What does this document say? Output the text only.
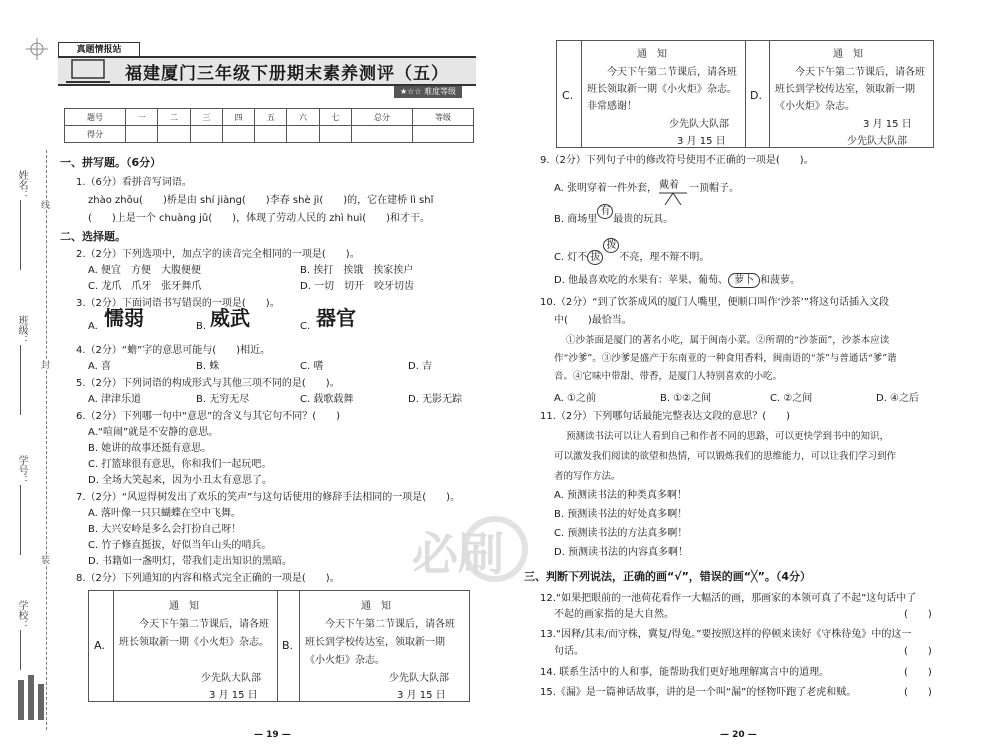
姓名：
班级：
学号：
学校：
线
封
装
真题情报站
福建厦门三年级下册期末素养测评（五）
★☆☆ 难度等级
题号	一	二	三	四	五	六	七	总分	等级
得分									
一、拼写题。（6分）
1.（6分）看拼音写词语。
zhào zhōu(　　)桥是由 shí jiàng(　　)李春 shè jì(　　)的，它在建桥 lì shǐ
(　　)上是一个 chuàng jǔ(　　)，体现了劳动人民的 zhì huì(　　)和才干。
二、选择题。
2.（2分）下列选项中，加点字的读音完全相同的一项是(　　)。
A. 便宜　方便　大腹便便	B. 挨打　挨饿　挨家挨户
C. 龙爪　爪牙　张牙舞爪	D. 一切　切开　咬牙切齿
3.（2分）下面词语书写错误的一项是(　　)。
A. 懦弱	B. 威武	C. 器官
4.（2分）“蟾”字的意思可能与(　　)相近。
A. 喜	B. 蛛	C. 嗜	D. 吉
5.（2分）下列词语的构成形式与其他三项不同的是(　　)。
A. 津津乐道	B. 无穷无尽	C. 载歌载舞	D. 无影无踪
6.（2分）下列哪一句中“意思”的含义与其它句不同？(　　)
A.“喧闹”就是不安静的意思。
B. 她讲的故事还挺有意思。
C. 打篮球很有意思，你和我们一起玩吧。
D. 全场大笑起来，因为小丑太有意思了。
7.（2分）“风逗得树发出了欢乐的笑声”与这句话使用的修辞手法相同的一项是(　　)。
A. 落叶像一只只蝴蝶在空中飞舞。
B. 大兴安岭是多么会打扮自己呀！
C. 竹子修直挺拔，好似当年山头的哨兵。
D. 书籍如一盏明灯，带我们走出知识的黑暗。
8.（2分）下列通知的内容和格式完全正确的一项是(　　)。
A.
通　知
今天下午第二节课后，请各班
班长领取新一期《小火炬》杂志。
少先队大队部
3 月 15 日
B.
通　知
今天下午第二节课后，请各班
班长到学校传达室，领取新一期
《小火炬》杂志。
少先队大队部
3 月 15 日
— 19 —
C.
通　知
今天下午第二节课后，请各班
班长领取新一期《小火炬》杂志。
非常感谢！
少先队大队部
3 月 15 日
D.
通　知
今天下午第二节课后，请各班
班长到学校传达室，领取新一期
《小火炬》杂志。
3 月 15 日
少先队大队部
9.（2分）下列句子中的修改符号使用不正确的一项是(　　)。
A. 张明穿着一件外套， 戴着 一顶帽子。
B. 商场里有最贵的玩具。
C. 灯不 拔拨不亮，理不辩不明。
D. 他最喜欢吃的水果有：苹果、葡萄、 萝卜 和菠萝。
10.（2分）“到了饮茶成风的厦门人嘴里，便顺口叫作‘沙茶’”将这句话插入文段
中(　　)最恰当。
①沙茶面是厦门的著名小吃，属于闽南小菜。②所谓的“沙茶面”，沙茶本应读
作“沙爹”。③沙爹是盛产于东南亚的一种食用香料，闽南语的“茶”与普通话“爹”谐
音。④它味中带甜、带香，是厦门人特别喜欢的小吃。
A. ①之前	B. ①②之间	C. ②之间	D. ④之后
11.（2分）下列哪句话最能完整表达文段的意思？(　　)
预测读书法可以让人看到自己和作者不同的思路，可以更快学到书中的知识，
可以激发我们阅读的欲望和热情，可以锻炼我们的思维能力，可以让我们学习到作
者的写作方法。
A. 预测读书法的种类真多啊！
B. 预测读书法的好处真多啊！
C. 预测读书法的方法真多啊！
D. 预测读书法的内容真多啊！
三、判断下列说法，正确的画“√”，错误的画“╳”。（4分）
12.“如果把眼前的一池荷花看作一大幅活的画，那画家的本领可真了不起”这句话中了
不起的画家指的是大自然。	(　　)
13.“因释/其耒/而守株，冀复/得兔。”要按照这样的停顿来读好《守株待兔》中的这一
句话。	(　　)
14. 联系生活中的人和事，能帮助我们更好地理解寓言中的道理。	(　　)
15.《漏》是一篇神话故事，讲的是一个叫“漏”的怪物吓跑了老虎和贼。	(　　)
— 20 —
必刷
